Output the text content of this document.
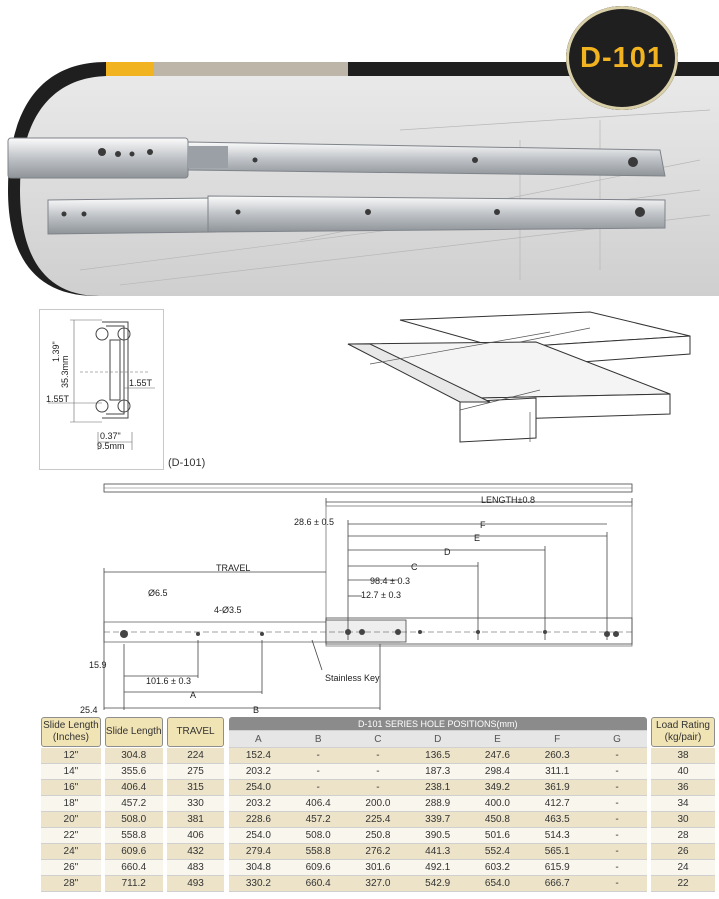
D-101
1.39"
35.3mm
1.55T
1.55T
0.37"
9.5mm
(D-101)
LENGTH±0.8
28.6 ± 0.5	F
E
D
TRAVEL	C
98.4 ± 0.3
Ø6.5	12.7 ± 0.3
4-Ø3.5
15.9
Stainless Key
101.6 ± 0.3
A
25.4	B
Slide Length
(Inches)		Slide Length		TRAVEL		D-101 SERIES HOLE POSITIONS(mm)								Load Rating
(kg/pair)

						A	B	C	D	E	F	G		
12"		304.8		224		152.4	-	-	136.5	247.6	260.3	-		38
14"		355.6		275		203.2	-	-	187.3	298.4	311.1	-		40
16"		406.4		315		254.0	-	-	238.1	349.2	361.9	-		36
18"		457.2		330		203.2	406.4	200.0	288.9	400.0	412.7	-		34
20"		508.0		381		228.6	457.2	225.4	339.7	450.8	463.5	-		30
22"		558.8		406		254.0	508.0	250.8	390.5	501.6	514.3	-		28
24"		609.6		432		279.4	558.8	276.2	441.3	552.4	565.1	-		26
26"		660.4		483		304.8	609.6	301.6	492.1	603.2	615.9	-		24
28"		711.2		493		330.2	660.4	327.0	542.9	654.0	666.7	-		22
